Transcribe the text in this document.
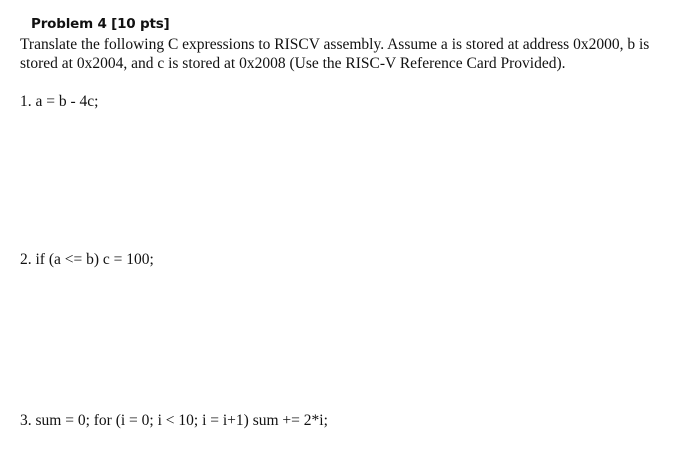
Problem 4 [10 pts]
Translate the following C expressions to RISCV assembly. Assume a is stored at address 0x2000, b is
stored at 0x2004, and c is stored at 0x2008 (Use the RISC-V Reference Card Provided).
1. a = b - 4c;
2. if (a <= b) c = 100;
3. sum = 0; for (i = 0; i < 10; i = i+1) sum += 2*i;
